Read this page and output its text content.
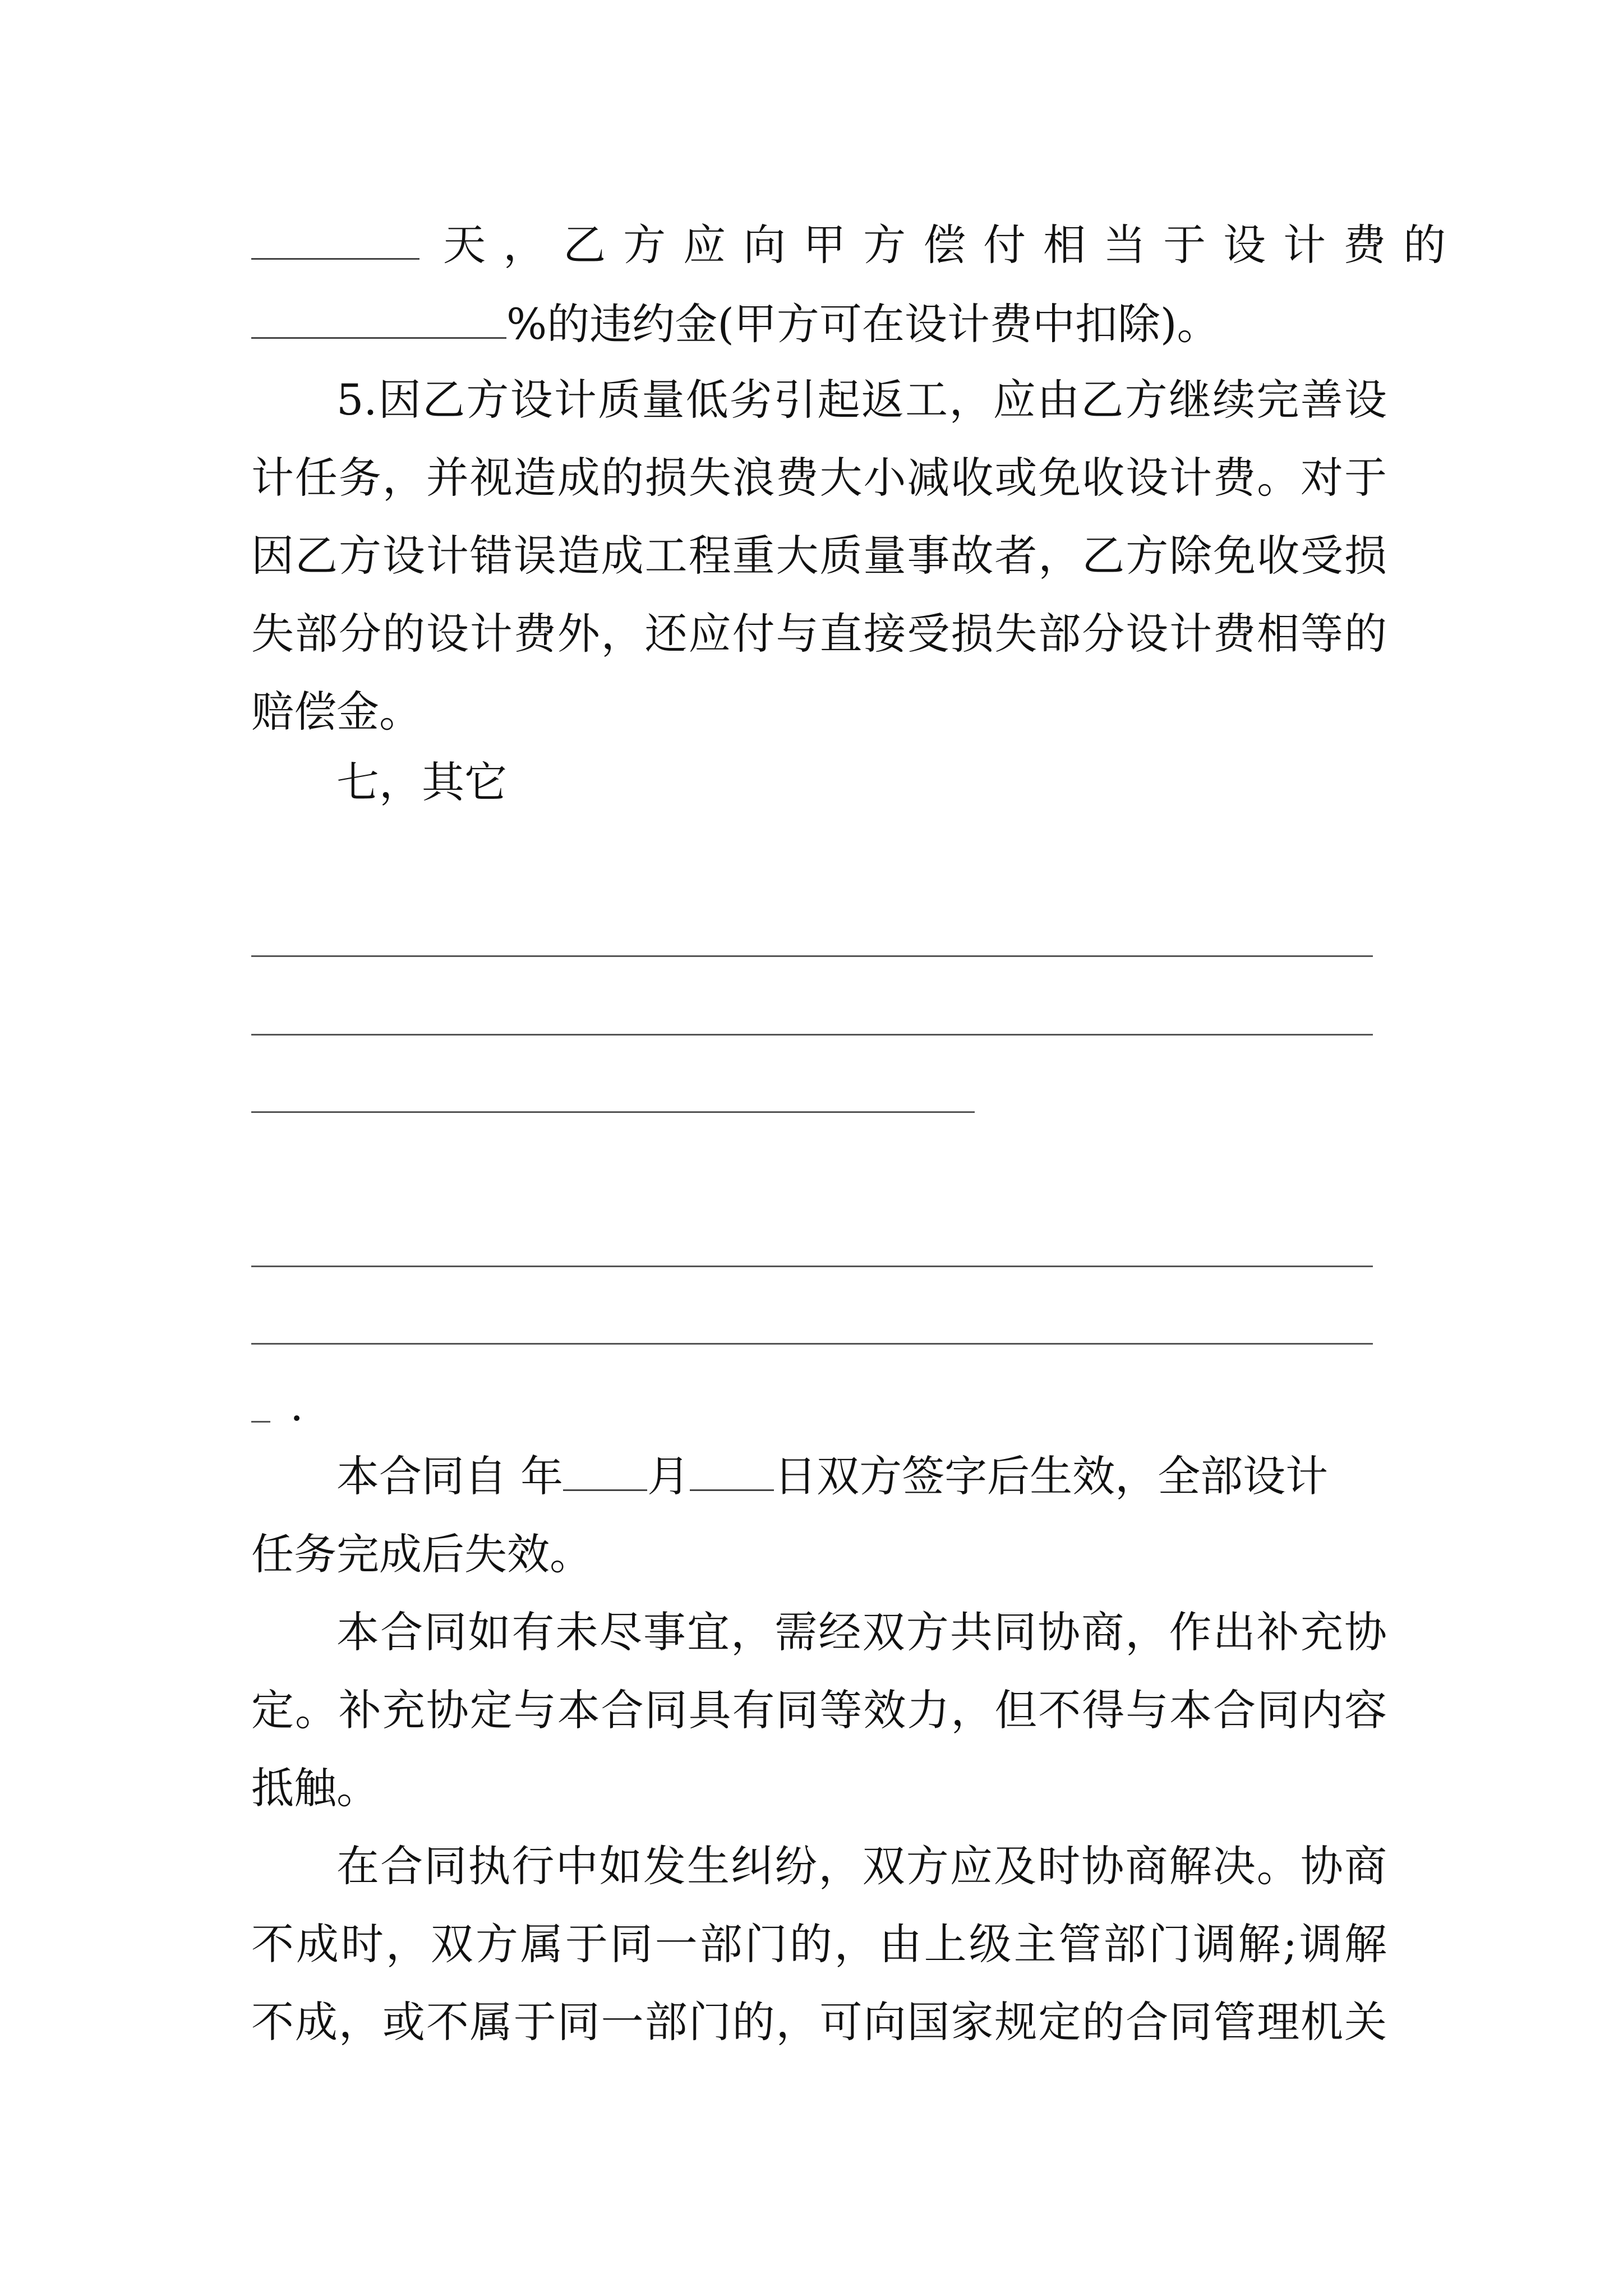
天，乙方应向甲方偿付相当于设计费的
%的违约金(甲方可在设计费中扣除)。
5.因乙方设计质量低劣引起返工，应由乙方继续完善设
计任务，并视造成的损失浪费大小减收或免收设计费。对于
因乙方设计错误造成工程重大质量事故者，乙方除免收受损
失部分的设计费外，还应付与直接受损失部分设计费相等的
赔偿金。
七，其它
.
本合同自 年 月 日双方签字后生效，全部设计
任务完成后失效。
本合同如有未尽事宜，需经双方共同协商，作出补充协
定。补充协定与本合同具有同等效力，但不得与本合同内容
抵触。
在合同执行中如发生纠纷，双方应及时协商解决。协商
不成时，双方属于同一部门的，由上级主管部门调解;调解
不成，或不属于同一部门的，可向国家规定的合同管理机关
